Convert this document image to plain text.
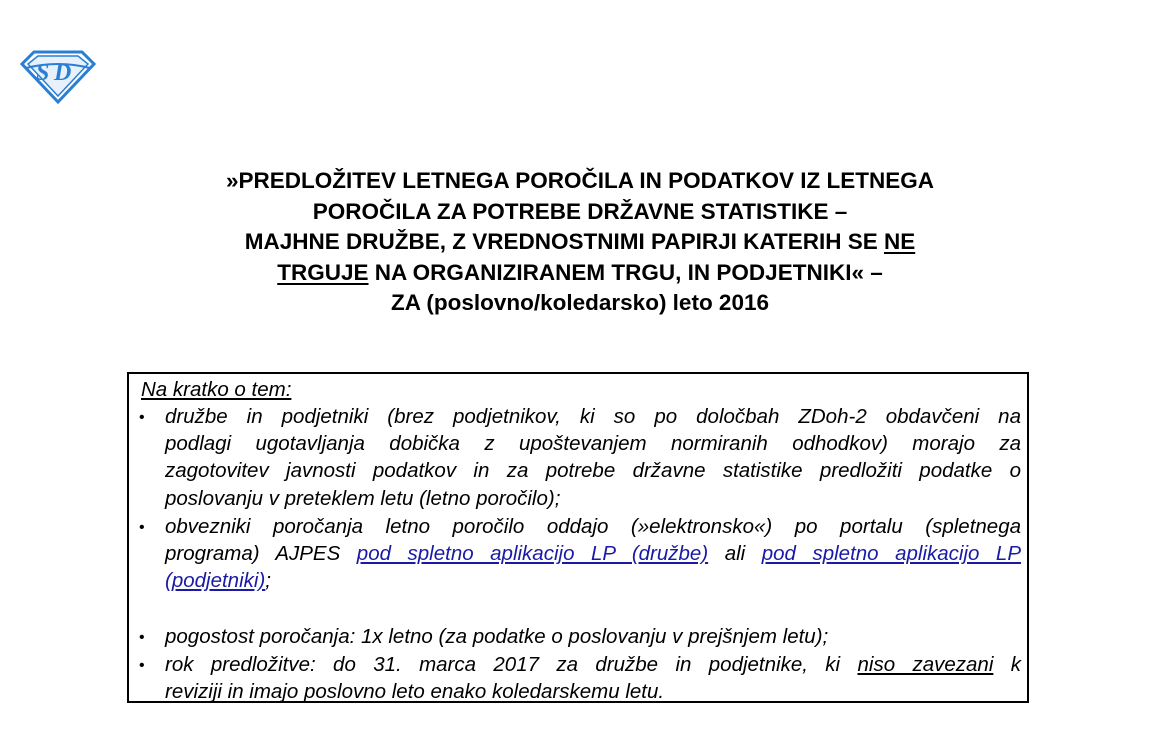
S D
»PREDLOŽITEV LETNEGA POROČILA IN PODATKOV IZ LETNEGA
POROČILA ZA POTREBE DRŽAVNE STATISTIKE –
MAJHNE DRUŽBE, Z VREDNOSTNIMI PAPIRJI KATERIH SE NE
TRGUJE NA ORGANIZIRANEM TRGU, IN PODJETNIKI« –
ZA (poslovno/koledarsko) leto 2016
Na kratko o tem:
• družbe in podjetniki (brez podjetnikov, ki so po določbah ZDoh-2 obdavčeni na
podlagi ugotavljanja dobička z upoštevanjem normiranih odhodkov) morajo za
zagotovitev javnosti podatkov in za potrebe državne statistike predložiti podatke o
poslovanju v preteklem letu (letno poročilo);
• obvezniki poročanja letno poročilo oddajo (»elektronsko«) po portalu (spletnega
programa) AJPES pod spletno aplikacijo LP (družbe) ali pod spletno aplikacijo LP
(podjetniki);
• pogostost poročanja: 1x letno (za podatke o poslovanju v prejšnjem letu);
• rok predložitve: do 31. marca 2017 za družbe in podjetnike, ki niso zavezani k
reviziji in imajo poslovno leto enako koledarskemu letu.
